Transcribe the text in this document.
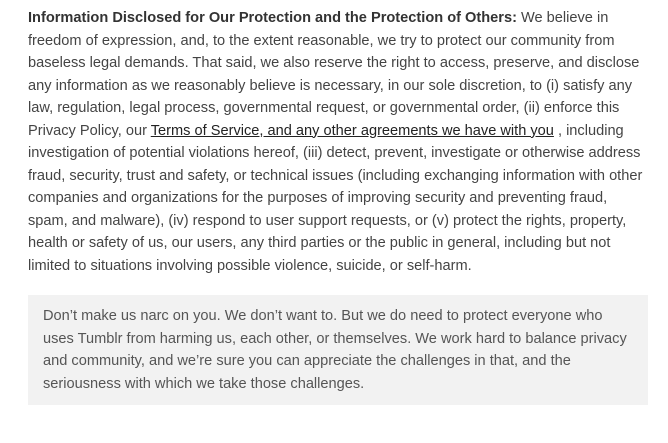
Information Disclosed for Our Protection and the Protection of Others: We believe in freedom of expression, and, to the extent reasonable, we try to protect our community from baseless legal demands. That said, we also reserve the right to access, preserve, and disclose any information as we reasonably believe is necessary, in our sole discretion, to (i) satisfy any law, regulation, legal process, governmental request, or governmental order, (ii) enforce this Privacy Policy, our Terms of Service, and any other agreements we have with you , including investigation of potential violations hereof, (iii) detect, prevent, investigate or otherwise address fraud, security, trust and safety, or technical issues (including exchanging information with other companies and organizations for the purposes of improving security and preventing fraud, spam, and malware), (iv) respond to user support requests, or (v) protect the rights, property, health or safety of us, our users, any third parties or the public in general, including but not limited to situations involving possible violence, suicide, or self-harm.

Don’t make us narc on you. We don’t want to. But we do need to protect everyone who uses Tumblr from harming us, each other, or themselves. We work hard to balance privacy and community, and we’re sure you can appreciate the challenges in that, and the seriousness with which we take those challenges.
